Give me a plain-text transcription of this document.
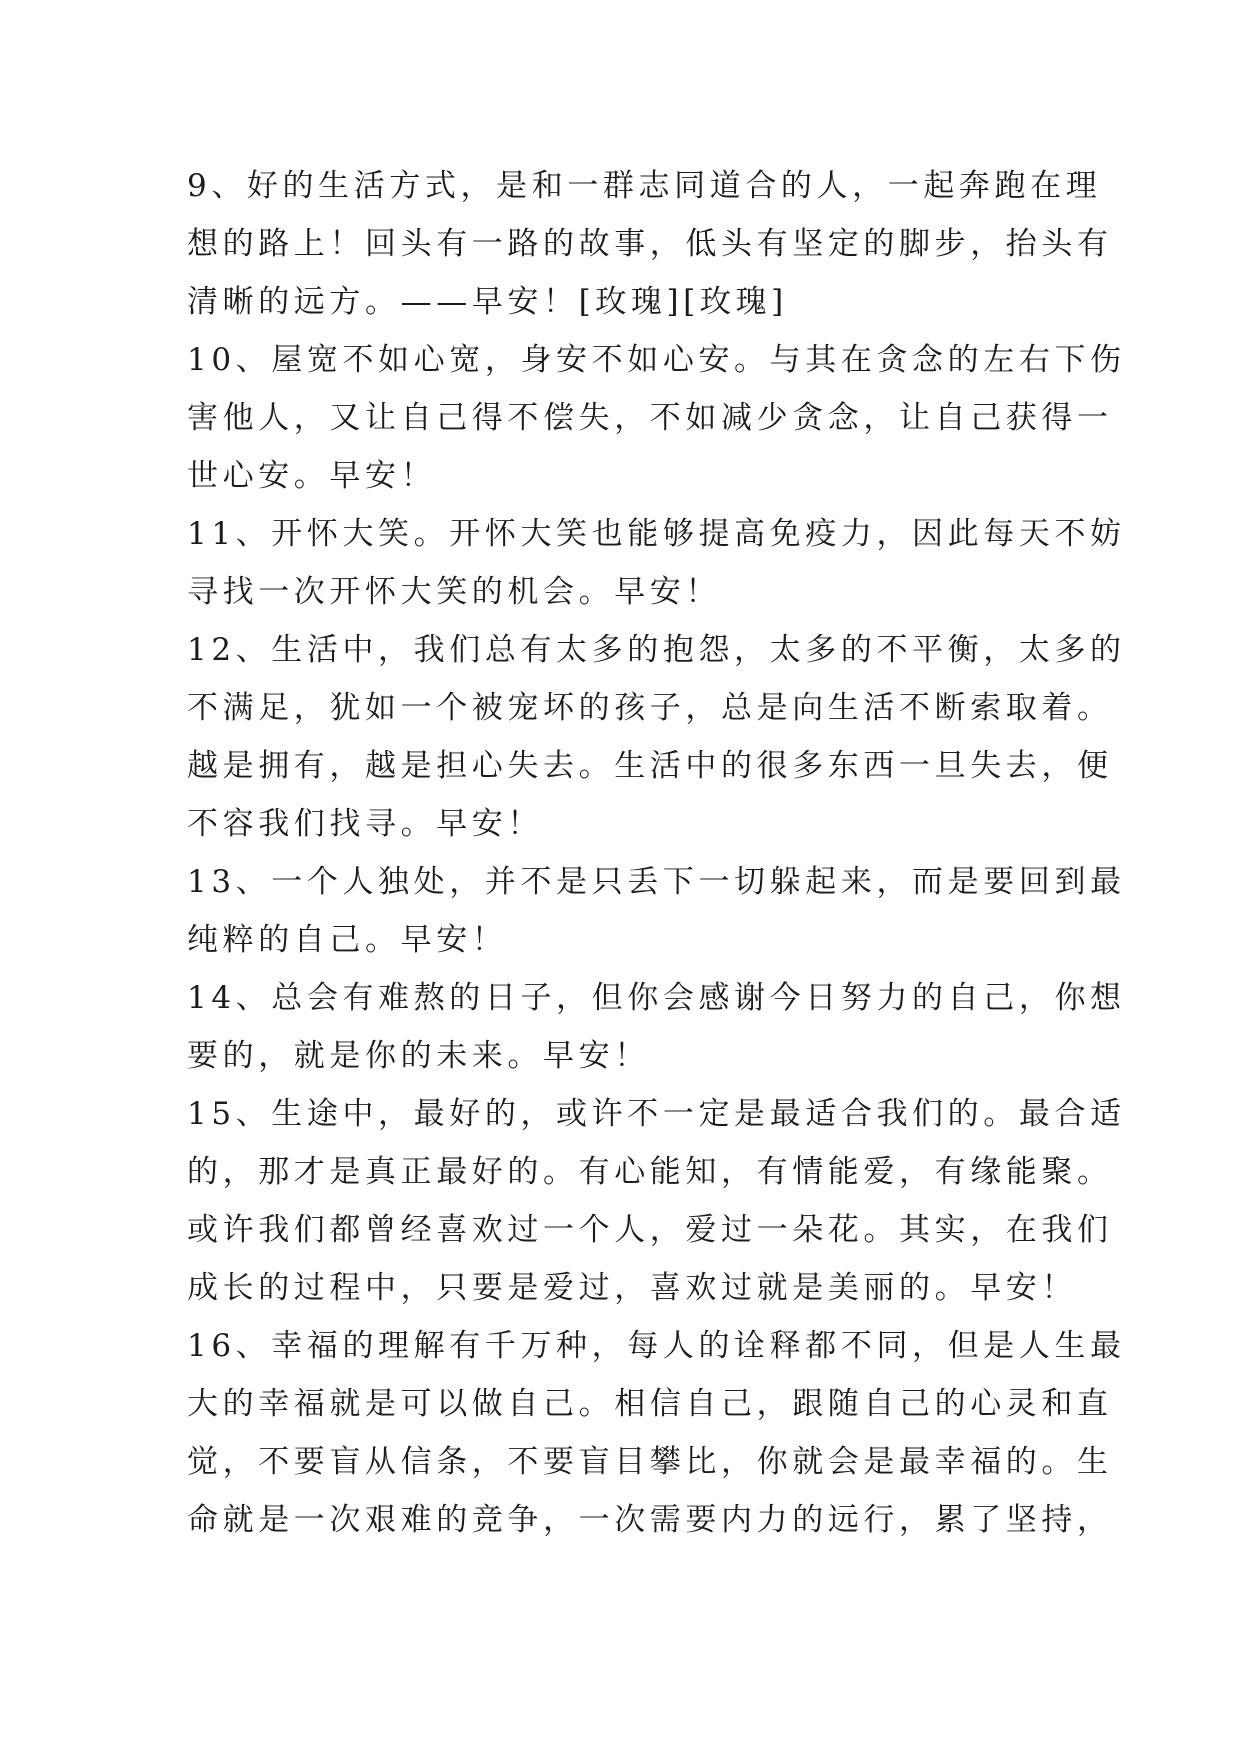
9、好的生活方式，是和一群志同道合的人，一起奔跑在理
想的路上！回头有一路的故事，低头有坚定的脚步，抬头有
清晰的远方。——早安！[玫瑰][玫瑰]
10、屋宽不如心宽，身安不如心安。与其在贪念的左右下伤
害他人，又让自己得不偿失，不如减少贪念，让自己获得一
世心安。早安！
11、开怀大笑。开怀大笑也能够提高免疫力，因此每天不妨
寻找一次开怀大笑的机会。早安！
12、生活中，我们总有太多的抱怨，太多的不平衡，太多的
不满足，犹如一个被宠坏的孩子，总是向生活不断索取着。
越是拥有，越是担心失去。生活中的很多东西一旦失去，便
不容我们找寻。早安！
13、一个人独处，并不是只丢下一切躲起来，而是要回到最
纯粹的自己。早安！
14、总会有难熬的日子，但你会感谢今日努力的自己，你想
要的，就是你的未来。早安！
15、生途中，最好的，或许不一定是最适合我们的。最合适
的，那才是真正最好的。有心能知，有情能爱，有缘能聚。
或许我们都曾经喜欢过一个人，爱过一朵花。其实，在我们
成长的过程中，只要是爱过，喜欢过就是美丽的。早安！
16、幸福的理解有千万种，每人的诠释都不同，但是人生最
大的幸福就是可以做自己。相信自己，跟随自己的心灵和直
觉，不要盲从信条，不要盲目攀比，你就会是最幸福的。生
命就是一次艰难的竞争，一次需要内力的远行，累了坚持，
